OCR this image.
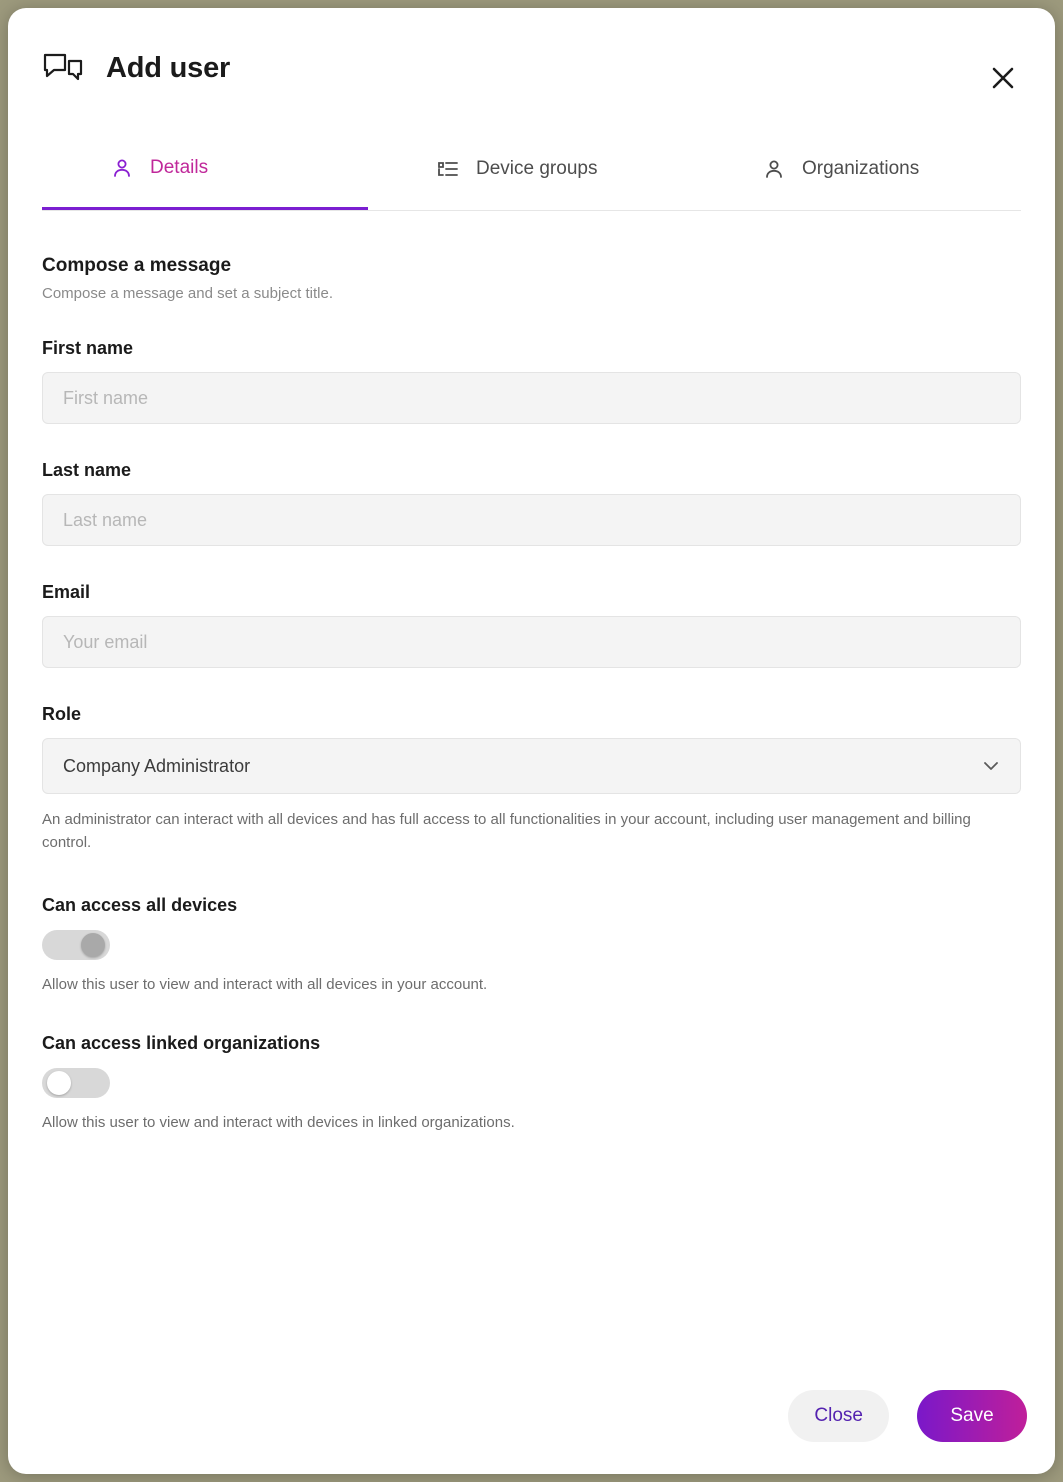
Add user
Details	Device groups	Organizations
Compose a message
Compose a message and set a subject title.
First name
First name
Last name
Last name
Email
Your email
Role
Company Administrator
An administrator can interact with all devices and has full access to all functionalities in your account, including user management and billing control.
Can access all devices
Allow this user to view and interact with all devices in your account.
Can access linked organizations
Allow this user to view and interact with devices in linked organizations.
Close	Save
